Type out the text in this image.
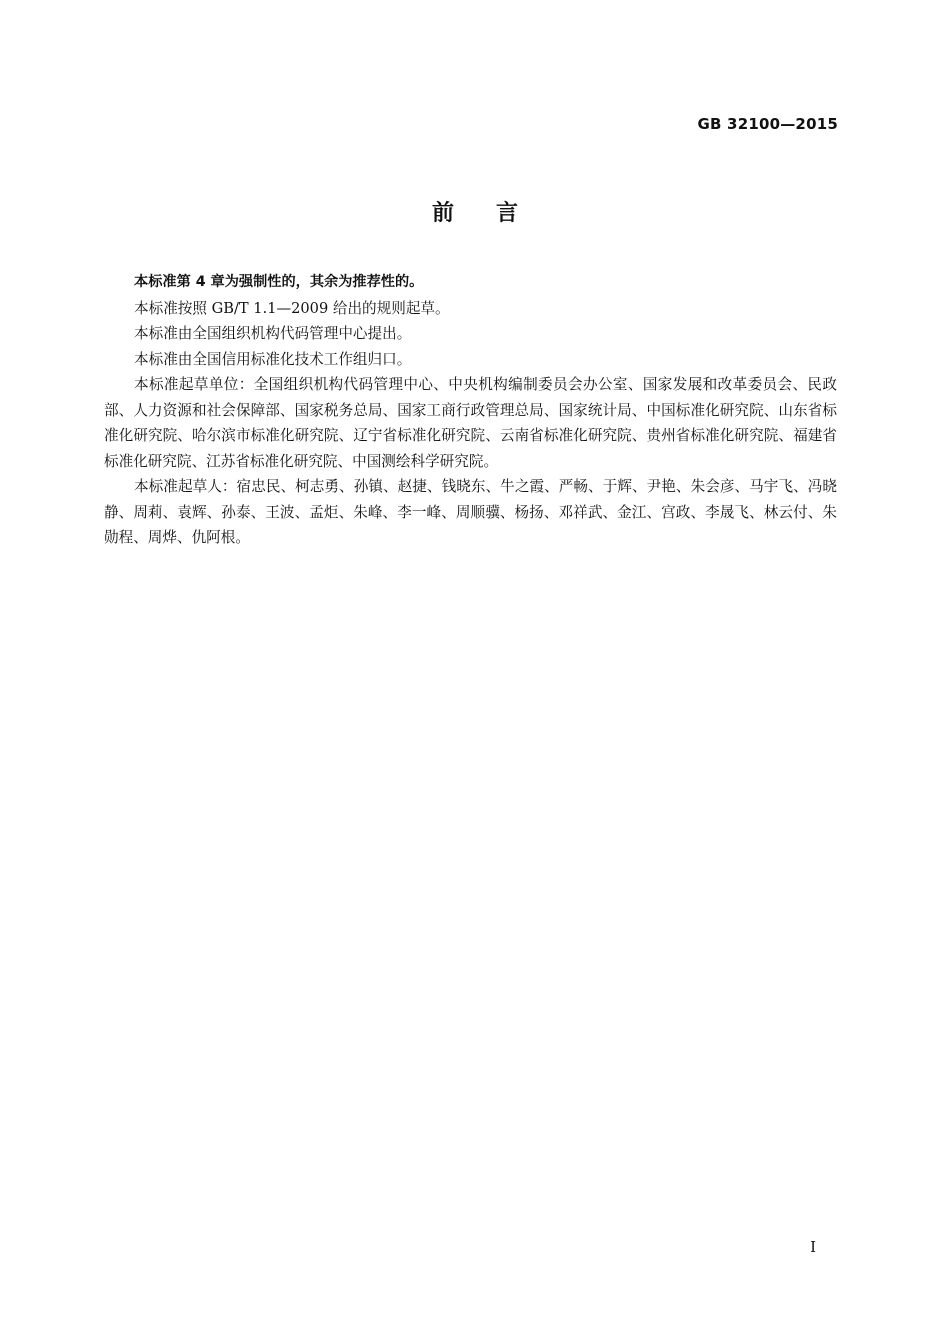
GB 32100—2015
前言

本标准第 4 章为强制性的，其余为推荐性的。

本标准按照 GB/T 1.1—2009 给出的规则起草。

本标准由全国组织机构代码管理中心提出。

本标准由全国信用标准化技术工作组归口。

本标准起草单位：全国组织机构代码管理中心、中央机构编制委员会办公室、国家发展和改革委员会、民政部、人力资源和社会保障部、国家税务总局、国家工商行政管理总局、国家统计局、中国标准化研究院、山东省标准化研究院、哈尔滨市标准化研究院、辽宁省标准化研究院、云南省标准化研究院、贵州省标准化研究院、福建省标准化研究院、江苏省标准化研究院、中国测绘科学研究院。

本标准起草人：宿忠民、柯志勇、孙镇、赵捷、钱晓东、牛之霞、严畅、于辉、尹艳、朱会彦、马宇飞、冯晓静、周莉、袁辉、孙泰、王波、孟炬、朱峰、李一峰、周顺骥、杨扬、邓祥武、金江、宫政、李晟飞、林云付、朱勋程、周烨、仇阿根。

I
